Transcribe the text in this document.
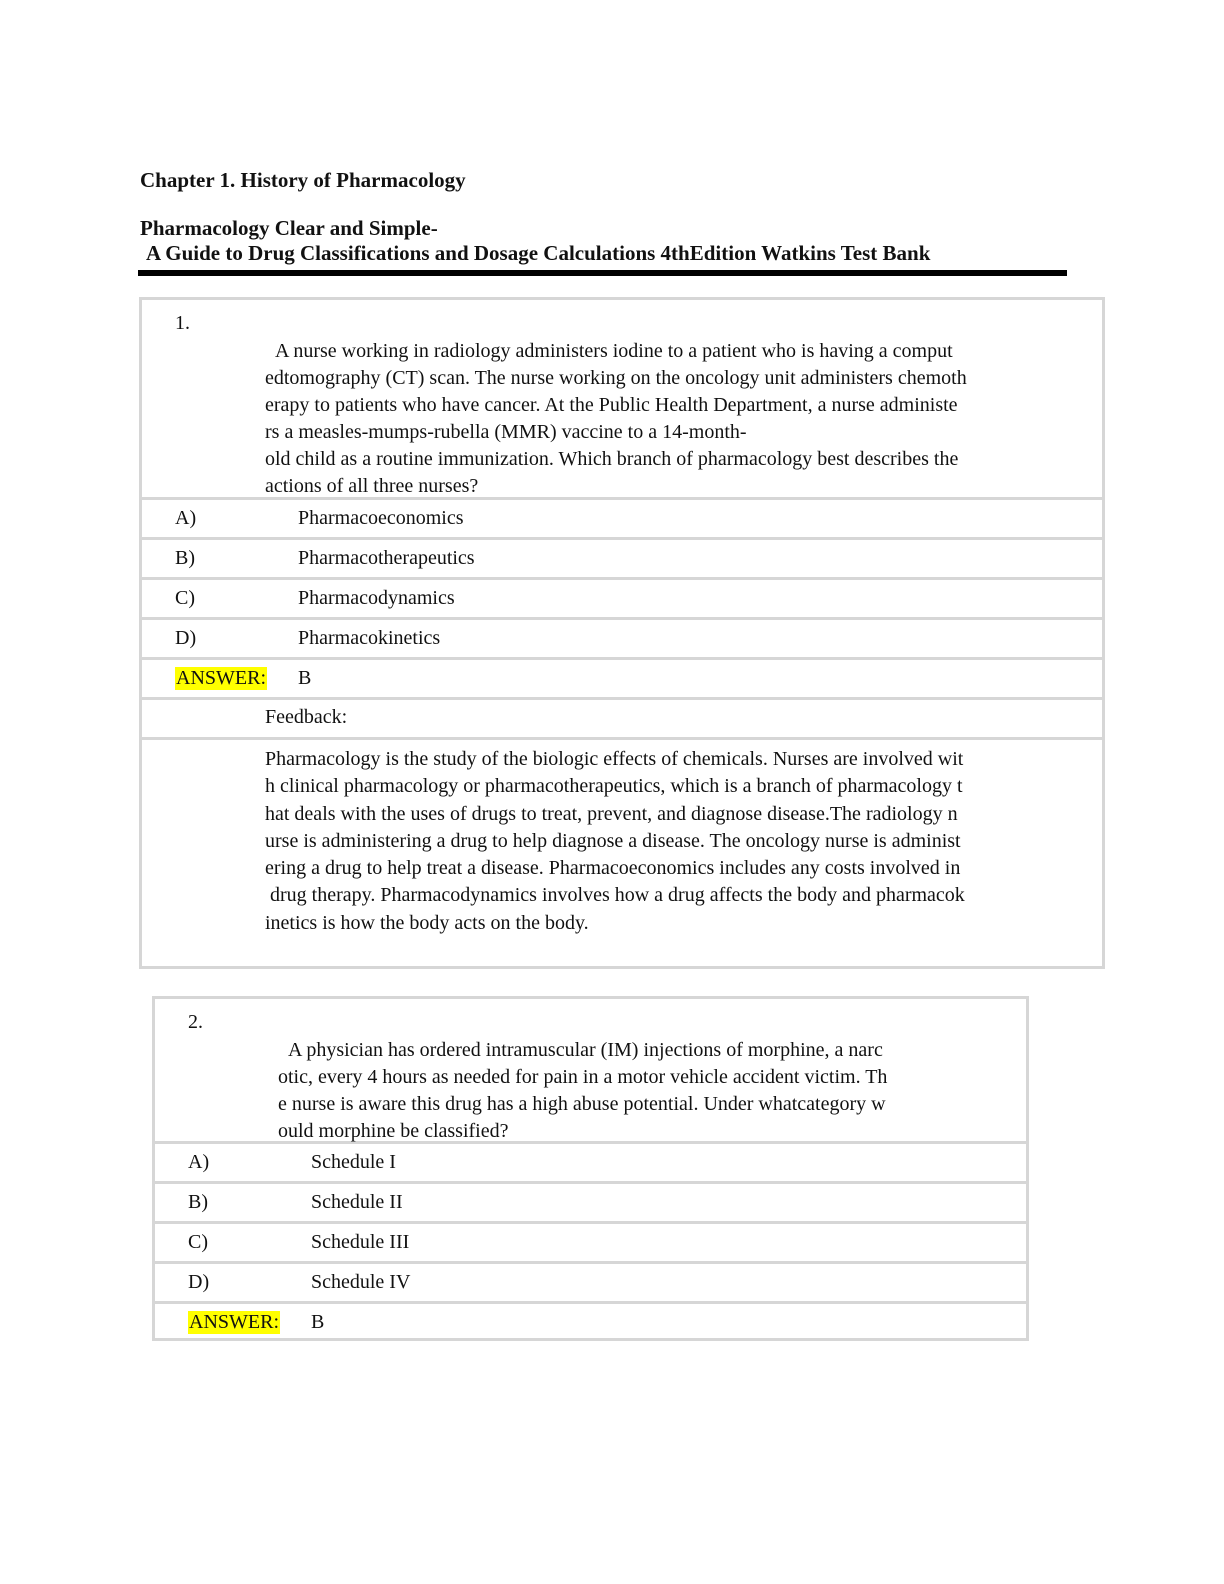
Chapter 1. History of Pharmacology
Pharmacology Clear and Simple-
A Guide to Drug Classifications and Dosage Calculations 4thEdition Watkins Test Bank
1.
A nurse working in radiology administers iodine to a patient who is having a comput
edtomography (CT) scan. The nurse working on the oncology unit administers chemoth
erapy to patients who have cancer. At the Public Health Department, a nurse administe
rs a measles-mumps-rubella (MMR) vaccine to a 14-month-
old child as a routine immunization. Which branch of pharmacology best describes the
actions of all three nurses?
A)	Pharmacoeconomics
B)	Pharmacotherapeutics
C)	Pharmacodynamics
D)	Pharmacokinetics
ANSWER: B
Feedback:
Pharmacology is the study of the biologic effects of chemicals. Nurses are involved wit
h clinical pharmacology or pharmacotherapeutics, which is a branch of pharmacology t
hat deals with the uses of drugs to treat, prevent, and diagnose disease.The radiology n
urse is administering a drug to help diagnose a disease. The oncology nurse is administ
ering a drug to help treat a disease. Pharmacoeconomics includes any costs involved in
drug therapy. Pharmacodynamics involves how a drug affects the body and pharmacok
inetics is how the body acts on the body.
2.
A physician has ordered intramuscular (IM) injections of morphine, a narc
otic, every 4 hours as needed for pain in a motor vehicle accident victim. Th
e nurse is aware this drug has a high abuse potential. Under whatcategory w
ould morphine be classified?
A)	Schedule I
B)	Schedule II
C)	Schedule III
D)	Schedule IV
ANSWER: B
